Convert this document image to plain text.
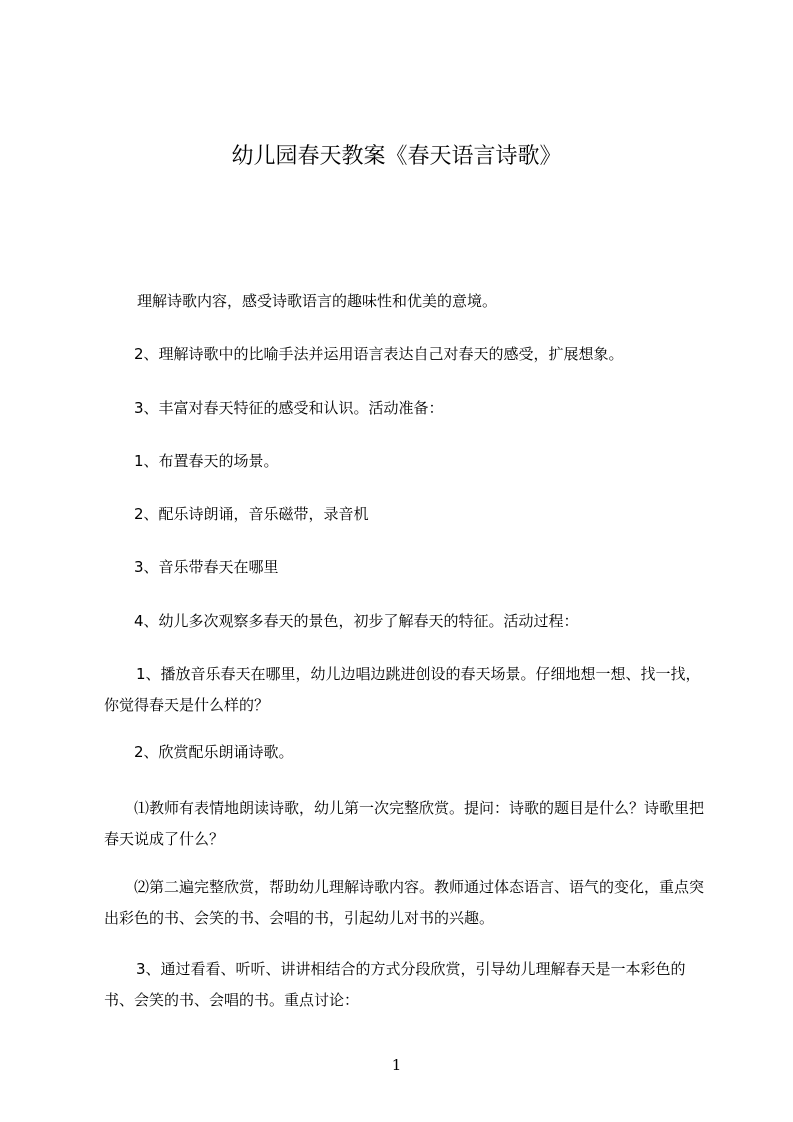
幼儿园春天教案《春天语言诗歌》

理解诗歌内容，感受诗歌语言的趣味性和优美的意境。

2、理解诗歌中的比喻手法并运用语言表达自己对春天的感受，扩展想象。

3、丰富对春天特征的感受和认识。活动准备：

1、布置春天的场景。

2、配乐诗朗诵，音乐磁带，录音机

3、音乐带春天在哪里

4、幼儿多次观察多春天的景色，初步了解春天的特征。活动过程：

1、播放音乐春天在哪里，幼儿边唱边跳进创设的春天场景。仔细地想一想、找一找，你觉得春天是什么样的？

2、欣赏配乐朗诵诗歌。

⑴教师有表情地朗读诗歌，幼儿第一次完整欣赏。提问：诗歌的题目是什么？诗歌里把春天说成了什么？

⑵第二遍完整欣赏，帮助幼儿理解诗歌内容。教师通过体态语言、语气的变化，重点突出彩色的书、会笑的书、会唱的书，引起幼儿对书的兴趣。

3、通过看看、听听、讲讲相结合的方式分段欣赏，引导幼儿理解春天是一本彩色的书、会笑的书、会唱的书。重点讨论：

1
